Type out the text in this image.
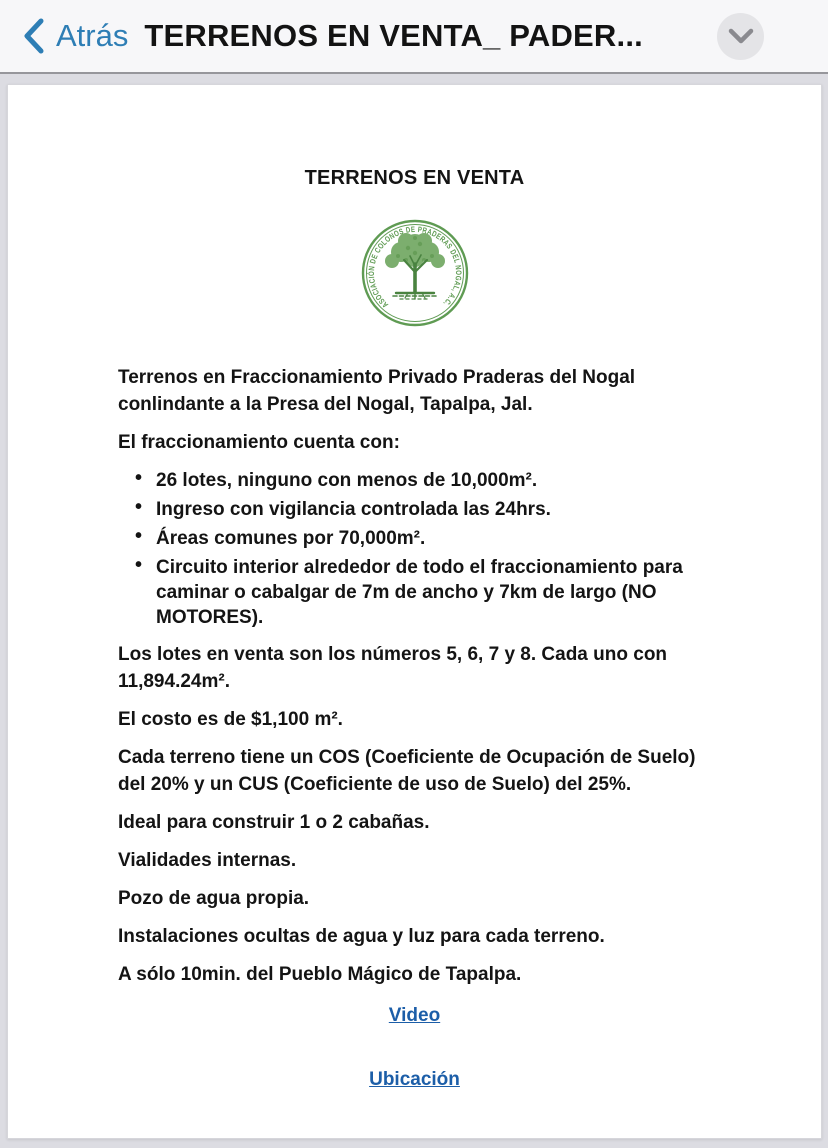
Atrás TERRENOS EN VENTA_ PADER...
TERRENOS EN VENTA
ASOCIACIÓN DE COLONOS DE PRADERAS DEL NOGAL, A.C.

Terrenos en Fraccionamiento Privado Praderas del Nogal conlindante a la Presa del Nogal, Tapalpa, Jal.

El fraccionamiento cuenta con:

• 26 lotes, ninguno con menos de 10,000m².
• Ingreso con vigilancia controlada las 24hrs.
• Áreas comunes por 70,000m².
• Circuito interior alrededor de todo el fraccionamiento para caminar o cabalgar de 7m de ancho y 7km de largo (NO MOTORES).

Los lotes en venta son los números 5, 6, 7 y 8. Cada uno con 11,894.24m².

El costo es de $1,100 m².

Cada terreno tiene un COS (Coeficiente de Ocupación de Suelo) del 20% y un CUS (Coeficiente de uso de Suelo) del 25%.

Ideal para construir 1 o 2 cabañas.

Vialidades internas.

Pozo de agua propia.

Instalaciones ocultas de agua y luz para cada terreno.

A sólo 10min. del Pueblo Mágico de Tapalpa.

Video
Ubicación
